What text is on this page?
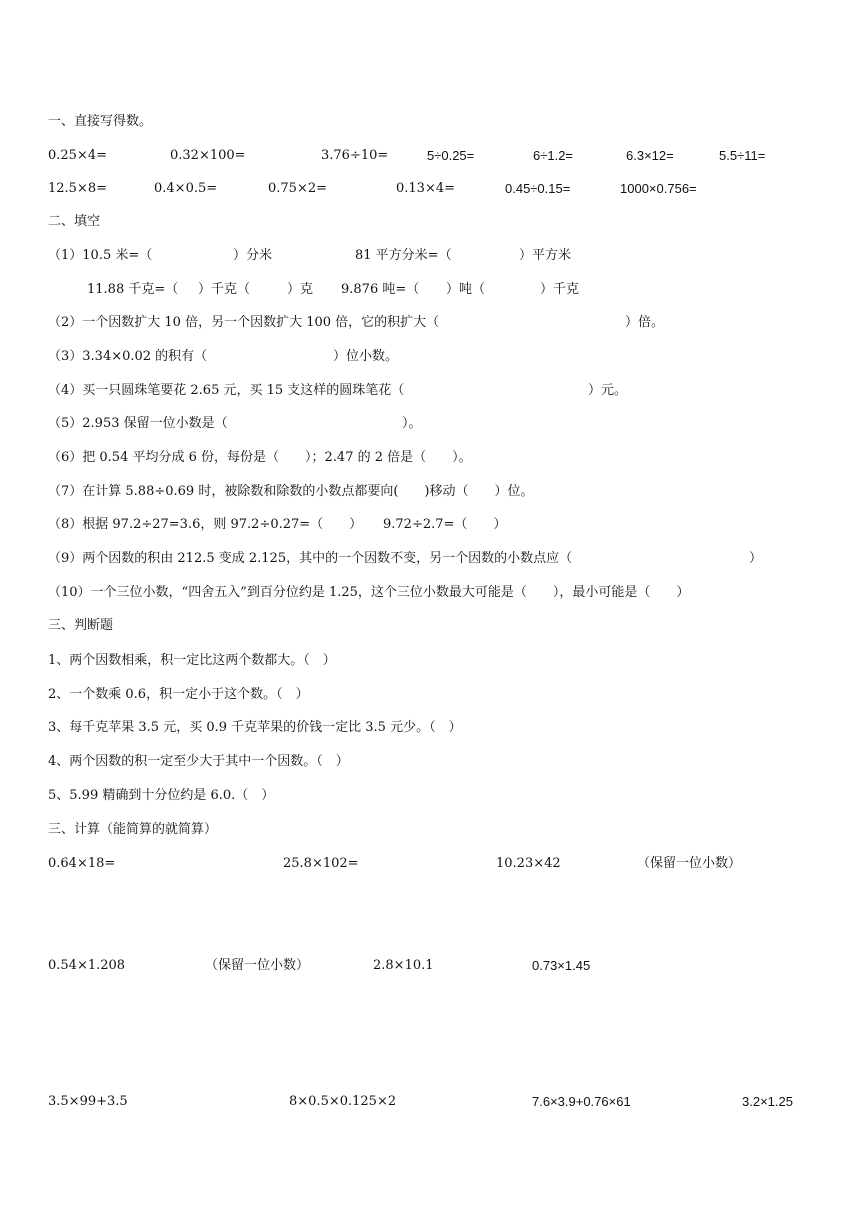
一、直接写得数。
0.25×4=	0.32×100=	3.76÷10=	5÷0.25=	6÷1.2=	6.3×12=	5.5÷11=
12.5×8=	0.4×0.5=	0.75×2=	0.13×4=	0.45÷0.15=	1000×0.756=
二、填空
（1）10.5 米=（	）分米	81 平方分米=（	）平方米
11.88 千克=（ ）千克（	）克 9.876 吨=（ ）吨（	）千克
（2）一个因数扩大 10 倍，另一个因数扩大 100 倍，它的积扩大（	）倍。
（3）3.34×0.02 的积有（	）位小数。
（4）买一只圆珠笔要花 2.65 元，买 15 支这样的圆珠笔花（	）元。
（5）2.953 保留一位小数是（	）。
（6）把 0.54 平均分成 6 份，每份是（　　）；2.47 的 2 倍是（　　）。
（7）在计算 5.88÷0.69 时，被除数和除数的小数点都要向(　　)移动（　　）位。
（8）根据 97.2÷27=3.6，则 97.2÷0.27=（　　） 9.72÷2.7=（　　）
（9）两个因数的积由 212.5 变成 2.125，其中的一个因数不变，另一个因数的小数点应（	）
（10）一个三位小数，“四舍五入”到百分位约是 1.25，这个三位小数最大可能是（　　），最小可能是（　　）
三、判断题
1、两个因数相乘，积一定比这两个数都大。（　）
2、一个数乘 0.6，积一定小于这个数。（　）
3、每千克苹果 3.5 元，买 0.9 千克苹果的价钱一定比 3.5 元少。（　）
4、两个因数的积一定至少大于其中一个因数。（　）
5、5.99 精确到十分位约是 6.0.（　）
三、计算（能简算的就简算）
0.64×18=	25.8×102=	10.23×42	（保留一位小数）
0.54×1.208	（保留一位小数）	2.8×10.1	0.73×1.45
3.5×99+3.5	8×0.5×0.125×2	7.6×3.9+0.76×61	3.2×1.25
